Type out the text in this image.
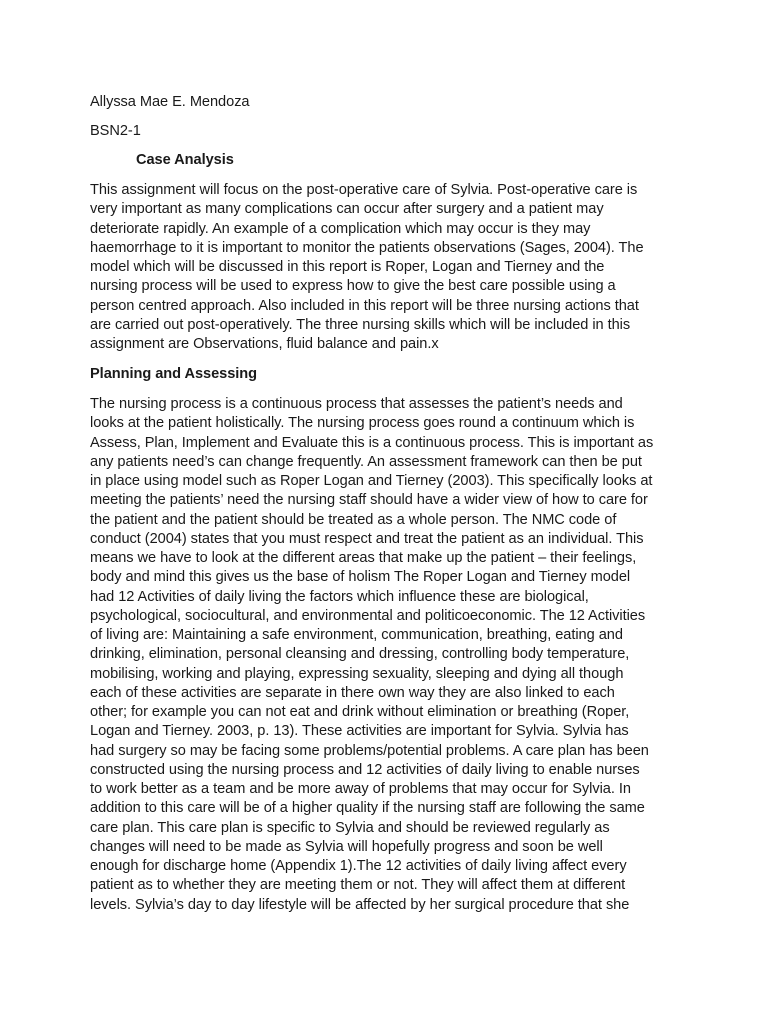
Allyssa Mae E. Mendoza
BSN2-1
Case Analysis
This assignment will focus on the post-operative care of Sylvia. Post-operative care is
very important as many complications can occur after surgery and a patient may
deteriorate rapidly. An example of a complication which may occur is they may
haemorrhage to it is important to monitor the patients observations (Sages, 2004). The
model which will be discussed in this report is Roper, Logan and Tierney and the
nursing process will be used to express how to give the best care possible using a
person centred approach. Also included in this report will be three nursing actions that
are carried out post-operatively. The three nursing skills which will be included in this
assignment are Observations, fluid balance and pain.x
Planning and Assessing
The nursing process is a continuous process that assesses the patient’s needs and
looks at the patient holistically. The nursing process goes round a continuum which is
Assess, Plan, Implement and Evaluate this is a continuous process. This is important as
any patients need’s can change frequently. An assessment framework can then be put
in place using model such as Roper Logan and Tierney (2003). This specifically looks at
meeting the patients’ need the nursing staff should have a wider view of how to care for
the patient and the patient should be treated as a whole person. The NMC code of
conduct (2004) states that you must respect and treat the patient as an individual. This
means we have to look at the different areas that make up the patient – their feelings,
body and mind this gives us the base of holism The Roper Logan and Tierney model
had 12 Activities of daily living the factors which influence these are biological,
psychological, sociocultural, and environmental and politicoeconomic. The 12 Activities
of living are: Maintaining a safe environment, communication, breathing, eating and
drinking, elimination, personal cleansing and dressing, controlling body temperature,
mobilising, working and playing, expressing sexuality, sleeping and dying all though
each of these activities are separate in there own way they are also linked to each
other; for example you can not eat and drink without elimination or breathing (Roper,
Logan and Tierney. 2003, p. 13). These activities are important for Sylvia. Sylvia has
had surgery so may be facing some problems/potential problems. A care plan has been
constructed using the nursing process and 12 activities of daily living to enable nurses
to work better as a team and be more away of problems that may occur for Sylvia. In
addition to this care will be of a higher quality if the nursing staff are following the same
care plan. This care plan is specific to Sylvia and should be reviewed regularly as
changes will need to be made as Sylvia will hopefully progress and soon be well
enough for discharge home (Appendix 1).The 12 activities of daily living affect every
patient as to whether they are meeting them or not. They will affect them at different
levels. Sylvia’s day to day lifestyle will be affected by her surgical procedure that she
